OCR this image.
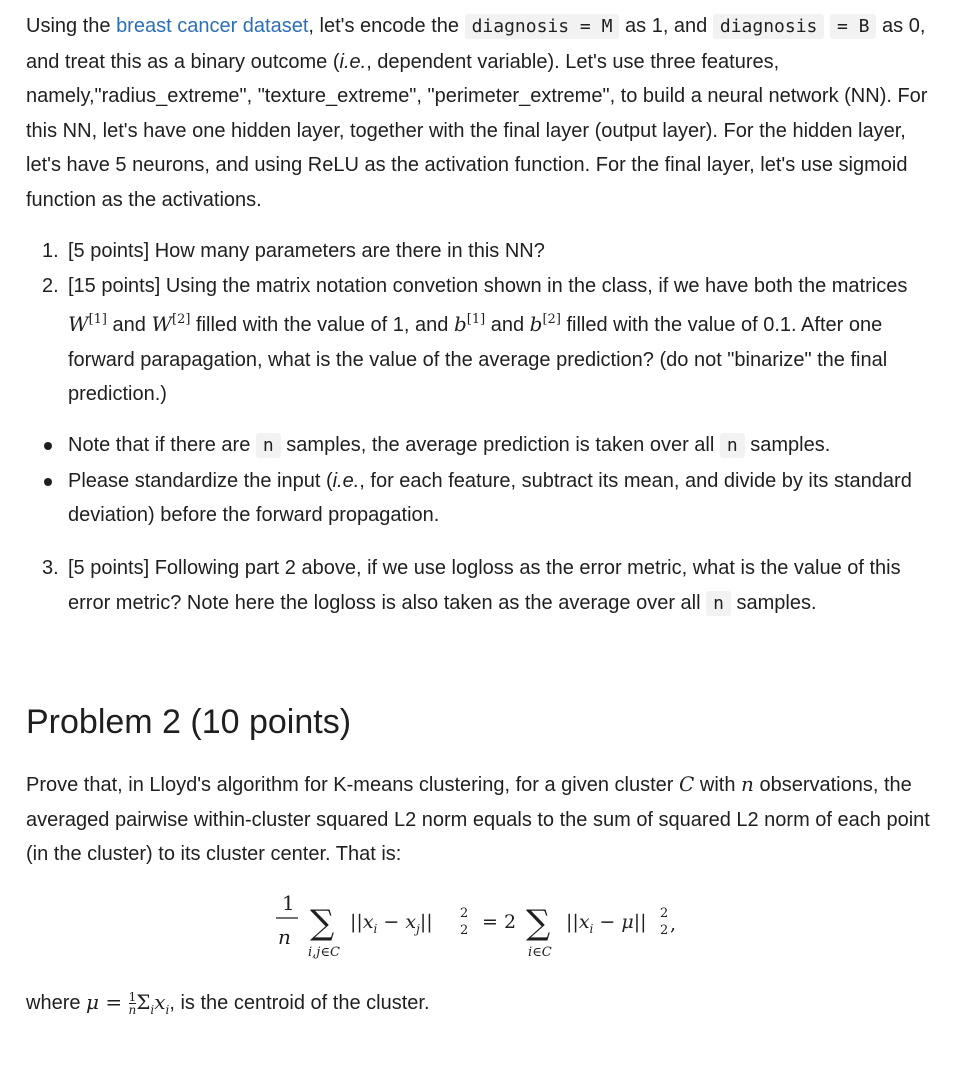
Using the breast cancer dataset, let's encode the diagnosis = M as 1, and diagnosis = B as 0, and treat this as a binary outcome (i.e., dependent variable). Let's use three features, namely,"radius_extreme", "texture_extreme", "perimeter_extreme", to build a neural network (NN). For this NN, let's have one hidden layer, together with the final layer (output layer). For the hidden layer, let's have 5 neurons, and using ReLU as the activation function. For the final layer, let's use sigmoid function as the activations.

1. [5 points] How many parameters are there in this NN?
2. [15 points] Using the matrix notation convetion shown in the class, if we have both the matrices W[1] and W[2] filled with the value of 1, and b[1] and b[2] filled with the value of 0.1. After one forward parapagation, what is the value of the average prediction? (do not "binarize" the final prediction.)
Note that if there are n samples, the average prediction is taken over all n samples.
Please standardize the input (i.e., for each feature, subtract its mean, and divide by its standard deviation) before the forward propagation.
3. [5 points] Following part 2 above, if we use logloss as the error metric, what is the value of this error metric? Note here the logloss is also taken as the average over all n samples.
Problem 2 (10 points)

Prove that, in Lloyd's algorithm for K-means clustering, for a given cluster C with n observations, the averaged pairwise within-cluster squared L2 norm equals to the sum of squared L2 norm of each point (in the cluster) to its cluster center. That is:

1
n ∑
i,j∈C
$||x_i - x_j||$ 2
2 = 2 ∑
i∈C
$||x_i - \mu||$ 2
2 ,

where $\mu = \frac{1}{n} \Sigma_ix_i$, is the centroid of the cluster.
